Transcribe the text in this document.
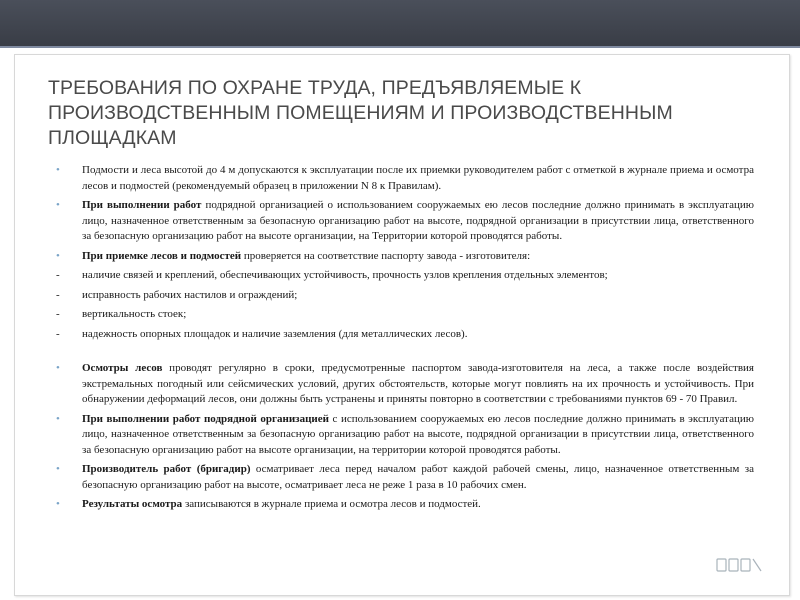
ТРЕБОВАНИЯ ПО ОХРАНЕ ТРУДА, ПРЕДЪЯВЛЯЕМЫЕ К ПРОИЗВОДСТВЕННЫМ ПОМЕЩЕНИЯМ И ПРОИЗВОДСТВЕННЫМ ПЛОЩАДКАМ

•	Подмости и леса высотой до 4 м допускаются к эксплуатации после их приемки руководителем работ с отметкой в журнале приема и осмотра лесов и подмостей (рекомендуемый образец в приложении N 8 к Правилам).

•	При выполнении работ подрядной организацией о использованием сооружаемых ею лесов последние должно принимать в эксплуатацию лицо, назначенное ответственным за безопасную организацию работ на высоте, подрядной организации в присутствии лица, ответственного за безопасную организацию работ на высоте организации, на Территории которой проводятся работы.

•	При приемке лесов и подмостей проверяется на соответствие паспорту завода - изготовителя:

-	наличие связей и креплений, обеспечивающих устойчивость, прочность узлов крепления отдельных элементов;

-	исправность рабочих настилов и ограждений;

-	вертикальность стоек;

-	надежность опорных площадок и наличие заземления (для металлических лесов).

•	Осмотры лесов проводят регулярно в сроки, предусмотренные паспортом завода-изготовителя на леса, а также после воздействия экстремальных погодный или сейсмических условий, других обстоятельств, которые могут повлиять на их прочность и устойчивость. При обнаружении деформаций лесов, они должны быть устранены и приняты повторно в соответствии с требованиями пунктов 69 - 70 Правил.

•	При выполнении работ подрядной организацией с использованием сооружаемых ею лесов последние должно принимать в эксплуатацию лицо, назначенное ответственным за безопасную организацию работ на высоте, подрядной организации в присутствии лица, ответственного за безопасную организацию работ на высоте организации, на территории которой проводятся работы.

•	Производитель работ (бригадир) осматривает леса перед началом работ каждой рабочей смены, лицо, назначенное ответственным за безопасную организацию работ на высоте, осматривает леса не реже 1 раза в 10 рабочих смен.

•	Результаты осмотра записываются в журнале приема и осмотра лесов и подмостей.
